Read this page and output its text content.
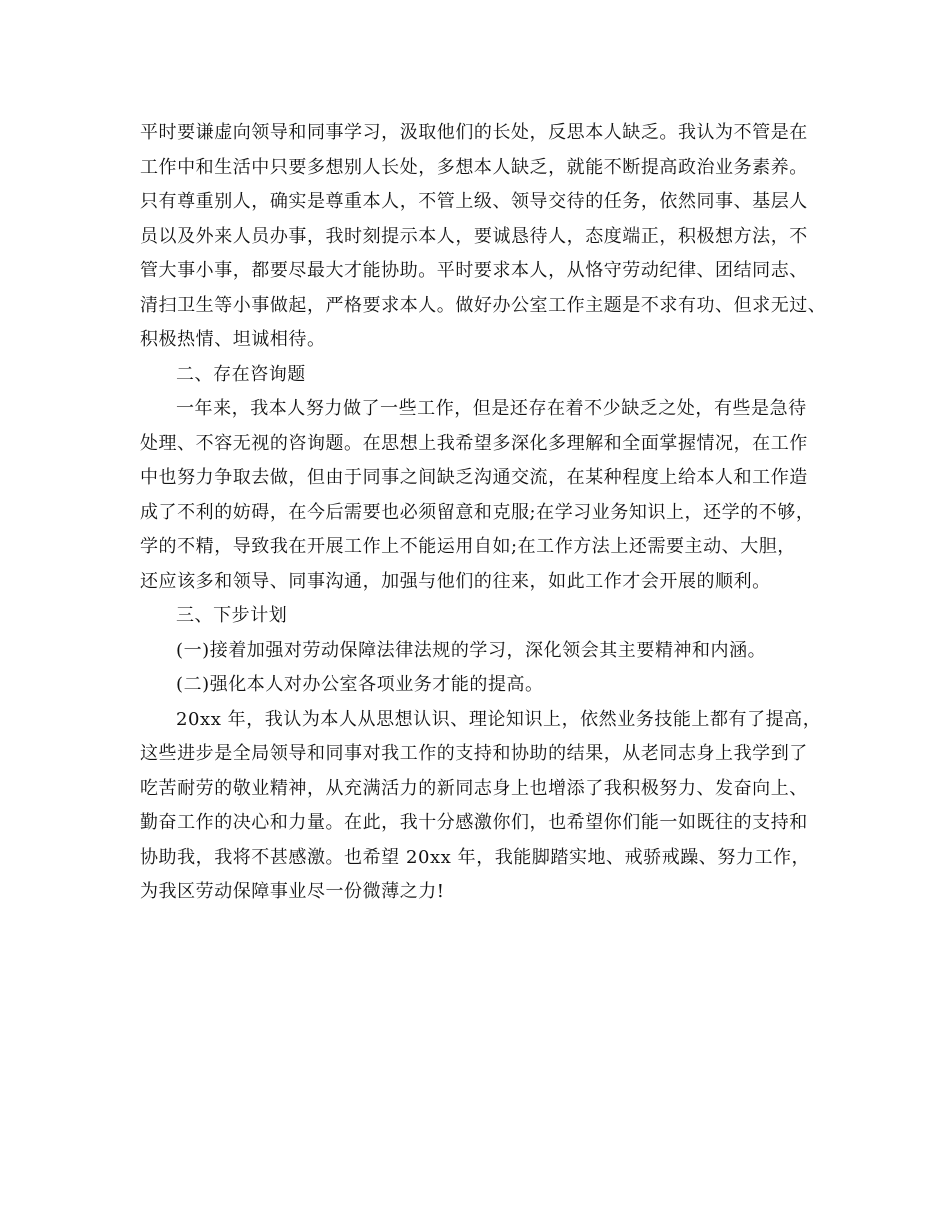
平时要谦虚向领导和同事学习，汲取他们的长处，反思本人缺乏。我认为不管是在
工作中和生活中只要多想别人长处，多想本人缺乏，就能不断提高政治业务素养。
只有尊重别人，确实是尊重本人，不管上级、领导交待的任务，依然同事、基层人
员以及外来人员办事，我时刻提示本人，要诚恳待人，态度端正，积极想方法，不
管大事小事，都要尽最大才能协助。平时要求本人，从恪守劳动纪律、团结同志、
清扫卫生等小事做起，严格要求本人。做好办公室工作主题是不求有功、但求无过、
积极热情、坦诚相待。
二、存在咨询题
一年来，我本人努力做了一些工作，但是还存在着不少缺乏之处，有些是急待
处理、不容无视的咨询题。在思想上我希望多深化多理解和全面掌握情况，在工作
中也努力争取去做，但由于同事之间缺乏沟通交流，在某种程度上给本人和工作造
成了不利的妨碍，在今后需要也必须留意和克服;在学习业务知识上，还学的不够，
学的不精，导致我在开展工作上不能运用自如;在工作方法上还需要主动、大胆，
还应该多和领导、同事沟通，加强与他们的往来，如此工作才会开展的顺利。
三、下步计划
(一)接着加强对劳动保障法律法规的学习，深化领会其主要精神和内涵。
(二)强化本人对办公室各项业务才能的提高。
20xx 年，我认为本人从思想认识、理论知识上，依然业务技能上都有了提高，
这些进步是全局领导和同事对我工作的支持和协助的结果，从老同志身上我学到了
吃苦耐劳的敬业精神，从充满活力的新同志身上也增添了我积极努力、发奋向上、
勤奋工作的决心和力量。在此，我十分感激你们，也希望你们能一如既往的支持和
协助我，我将不甚感激。也希望 20xx 年，我能脚踏实地、戒骄戒躁、努力工作，
为我区劳动保障事业尽一份微薄之力!
